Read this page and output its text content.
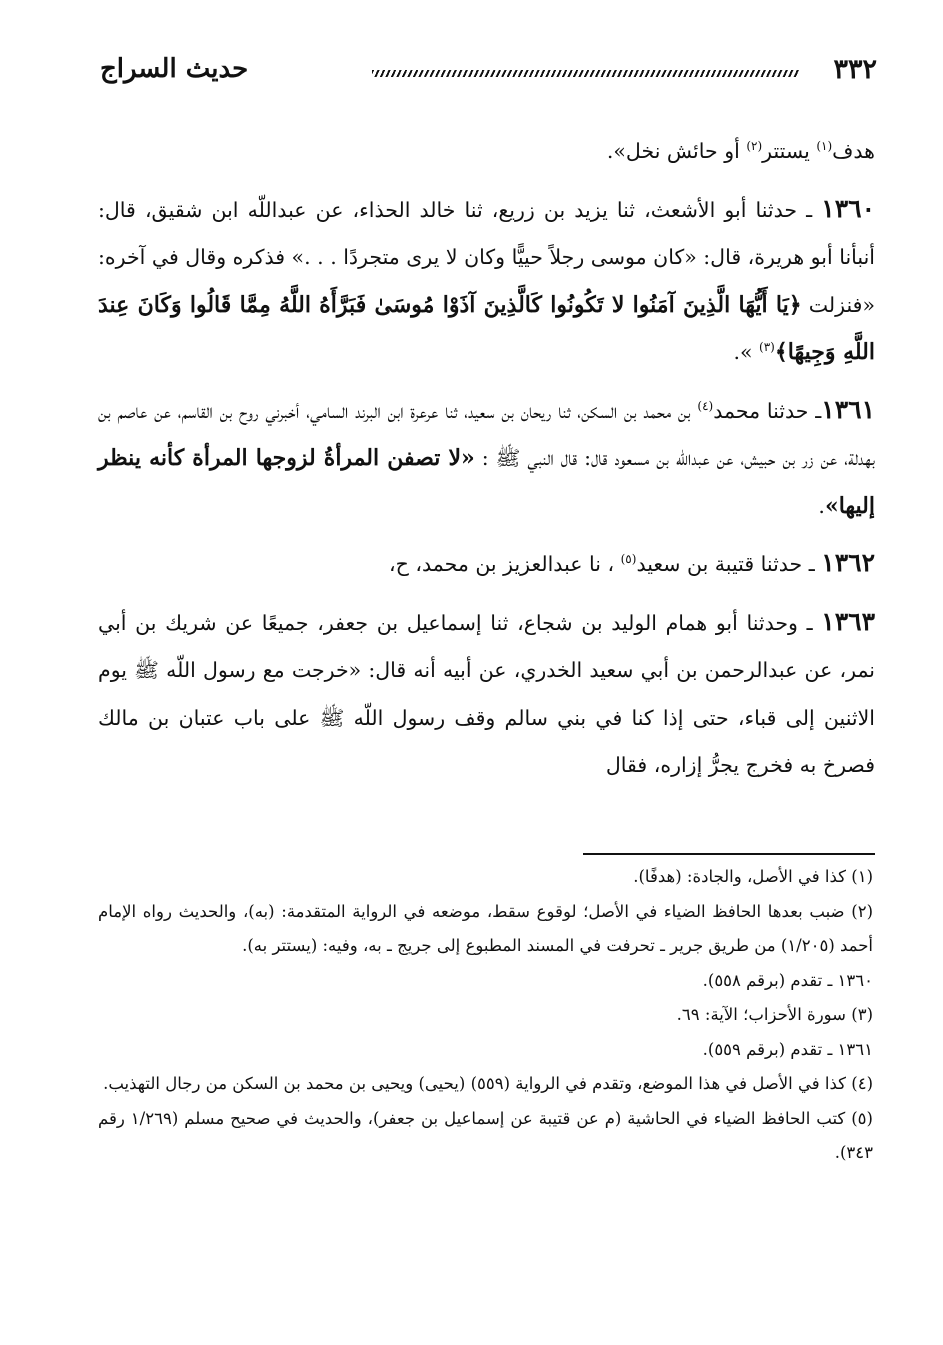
٣٣٢
حديث السراج

هدف$^{(١)}$ يستتر$^{(٢)}$ أو حائش نخل».

١٣٦٠ ـ حدثنا أبو الأشعث، ثنا يزيد بن زريع، ثنا خالد الحذاء، عن عبداللّه ابن شقيق، قال: أنبأنا أبو هريرة، قال: «كان موسى رجلاً حييًّا وكان لا يرى متجردًا . . .» فذكره وقال في آخره: «فنزلت ﴿يَا أَيُّهَا الَّذِينَ آمَنُوا لا تَكُونُوا كَالَّذِينَ آذَوْا مُوسَىٰ فَبَرَّأَهُ اللَّهُ مِمَّا قَالُوا وَكَانَ عِندَ اللَّهِ وَجِيهًا﴾$^{(٣)}$ ».

١٣٦١ـ حدثنا محمد$^{(٤)}$ بن محمد بن السكن، ثنا ريحان بن سعيد، ثنا عرعرة ابن البرند السامي، أخبرني روح بن القاسم، عن عاصم بن بهدلة، عن زر بن حبيش، عن عبداللّه بن مسعود قال: قال النبي ﷺ : «لا تصفن المرأةُ لزوجها المرأة كأنه ينظر إليها».

١٣٦٢ ـ حدثنا قتيبة بن سعيد$^{(٥)}$ ، نا عبدالعزيز بن محمد، ح،

١٣٦٣ ـ وحدثنا أبو همام الوليد بن شجاع، ثنا إسماعيل بن جعفر، جميعًا عن شريك بن أبي نمر، عن عبدالرحمن بن أبي سعيد الخدري، عن أبيه أنه قال: «خرجت مع رسول اللّه ﷺ يوم الاثنين إلى قباء، حتى إذا كنا في بني سالم وقف رسول اللّه ﷺ على باب عتبان بن مالك فصرخ به فخرج يجرُّ إزاره، فقال

(١) كذا في الأصل، والجادة: (هدفًا).

(٢) ضبب بعدها الحافظ الضياء في الأصل؛ لوقوع سقط، موضعه في الرواية المتقدمة: (به)، والحديث رواه الإمام أحمد (١/٢٠٥) من طريق جرير ـ تحرفت في المسند المطبوع إلى جريج ـ به، وفيه: (يستتر به).

١٣٦٠ ـ تقدم (برقم ٥٥٨).

(٣) سورة الأحزاب؛ الآية: ٦٩.

١٣٦١ ـ تقدم (برقم ٥٥٩).

(٤) كذا في الأصل في هذا الموضع، وتقدم في الرواية (٥٥٩) (يحيى) ويحيى بن محمد بن السكن من رجال التهذيب.

(٥) كتب الحافظ الضياء في الحاشية (م عن قتيبة عن إسماعيل بن جعفر)، والحديث في صحيح مسلم (١/٢٦٩ رقم ٣٤٣).
